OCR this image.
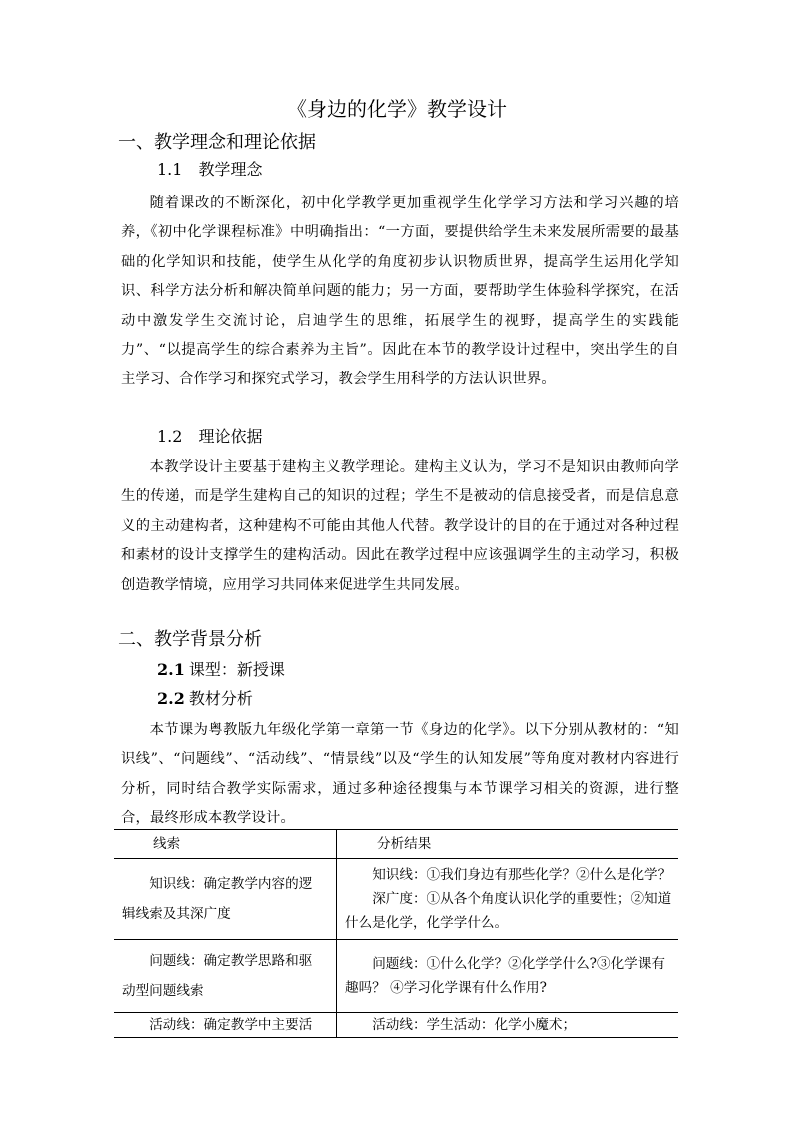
《身边的化学》教学设计
一、教学理念和理论依据
1.1 教学理念
随着课改的不断深化，初中化学教学更加重视学生化学学习方法和学习兴趣的培养，《初中化学课程标准》中明确指出：“一方面，要提供给学生未来发展所需要的最基础的化学知识和技能，使学生从化学的角度初步认识物质世界，提高学生运用化学知识、科学方法分析和解决简单问题的能力；另一方面，要帮助学生体验科学探究，在活动中激发学生交流讨论，启迪学生的思维，拓展学生的视野，提高学生的实践能力”、“以提高学生的综合素养为主旨”。因此在本节的教学设计过程中，突出学生的自主学习、合作学习和探究式学习，教会学生用科学的方法认识世界。
1.2 理论依据
本教学设计主要基于建构主义教学理论。建构主义认为，学习不是知识由教师向学生的传递，而是学生建构自己的知识的过程；学生不是被动的信息接受者，而是信息意义的主动建构者，这种建构不可能由其他人代替。教学设计的目的在于通过对各种过程和素材的设计支撑学生的建构活动。因此在教学过程中应该强调学生的主动学习，积极创造教学情境，应用学习共同体来促进学生共同发展。
二、教学背景分析
2.1 课型：新授课
2.2 教材分析
本节课为粤教版九年级化学第一章第一节《身边的化学》。以下分别从教材的：“知识线”、“问题线”、“活动线”、“情景线”以及“学生的认知发展”等角度对教材内容进行分析，同时结合教学实际需求，通过多种途径搜集与本节课学习相关的资源，进行整合，最终形成本教学设计。
线索	分析结果

知识线：确定教学内容的逻辑线索及其深广度	知识线：①我们身边有那些化学？②什么是化学？

深广度：①从各个角度认识化学的重要性；②知道什么是化学，化学学什么。

问题线：确定教学思路和驱动型问题线索	问题线：①什么化学？②化学学什么?③化学课有趣吗？ ④学习化学课有什么作用?

活动线：确定教学中主要活	活动线：学生活动：化学小魔术；
